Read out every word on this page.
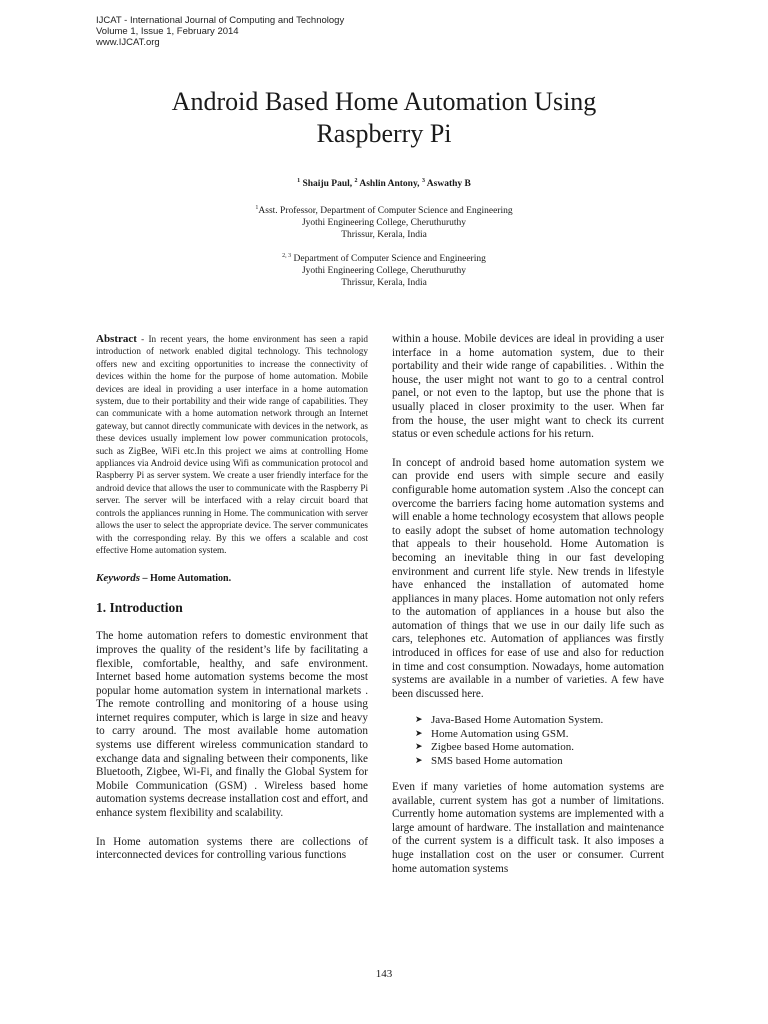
IJCAT - International Journal of Computing and Technology
Volume 1, Issue 1, February 2014
www.IJCAT.org
Android Based Home Automation Using
Raspberry Pi
$^1$ Shaiju Paul, $^2$ Ashlin Antony, $^3$ Aswathy B
$^1$Asst. Professor, Department of Computer Science and Engineering
Jyothi Engineering College, Cheruthuruthy
Thrissur, Kerala, India
$^{2, 3}$ Department of Computer Science and Engineering
Jyothi Engineering College, Cheruthuruthy
Thrissur, Kerala, India

Abstract - In recent years, the home environment has seen a rapid introduction of network enabled digital technology. This technology offers new and exciting opportunities to increase the connectivity of devices within the home for the purpose of home automation. Mobile devices are ideal in providing a user interface in a home automation system, due to their portability and their wide range of capabilities. They can communicate with a home automation network through an Internet gateway, but cannot directly communicate with devices in the network, as these devices usually implement low power communication protocols, such as ZigBee, WiFi etc.In this project we aims at controlling Home appliances via Android device using Wifi as communication protocol and Raspberry Pi as server system. We create a user friendly interface for the android device that allows the user to communicate with the Raspberry Pi server. The server will be interfaced with a relay circuit board that controls the appliances running in Home. The communication with server allows the user to select the appropriate device. The server communicates with the corresponding relay. By this we offers a scalable and cost effective Home automation system.

Keywords – Home Automation.
1. Introduction

The home automation refers to domestic environment that improves the quality of the resident’s life by facilitating a flexible, comfortable, healthy, and safe environment. Internet based home automation systems become the most popular home automation system in international markets . The remote controlling and monitoring of a house using internet requires computer, which is large in size and heavy to carry around. The most available home automation systems use different wireless communication standard to exchange data and signaling between their components, like Bluetooth, Zigbee, Wi-Fi, and finally the Global System for Mobile Communication (GSM) . Wireless based home automation systems decrease installation cost and effort, and enhance system flexibility and scalability.

In Home automation systems there are collections of interconnected devices for controlling various functions

within a house. Mobile devices are ideal in providing a user interface in a home automation system, due to their portability and their wide range of capabilities. . Within the house, the user might not want to go to a central control panel, or not even to the laptop, but use the phone that is usually placed in closer proximity to the user. When far from the house, the user might want to check its current status or even schedule actions for his return.

In concept of android based home automation system we can provide end users with simple secure and easily configurable home automation system .Also the concept can overcome the barriers facing home automation systems and will enable a home technology ecosystem that allows people to easily adopt the subset of home automation technology that appeals to their household. Home Automation is becoming an inevitable thing in our fast developing environment and current life style. New trends in lifestyle have enhanced the installation of automated home appliances in many places. Home automation not only refers to the automation of appliances in a house but also the automation of things that we use in our daily life such as cars, telephones etc. Automation of appliances was firstly introduced in offices for ease of use and also for reduction in time and cost consumption. Nowadays, home automation systems are available in a number of varieties. A few have been discussed here.

➤ Java-Based Home Automation System.
➤ Home Automation using GSM.
➤ Zigbee based Home automation.
➤ SMS based Home automation

Even if many varieties of home automation systems are available, current system has got a number of limitations. Currently home automation systems are implemented with a large amount of hardware. The installation and maintenance of the current system is a difficult task. It also imposes a huge installation cost on the user or consumer. Current home automation systems

143
